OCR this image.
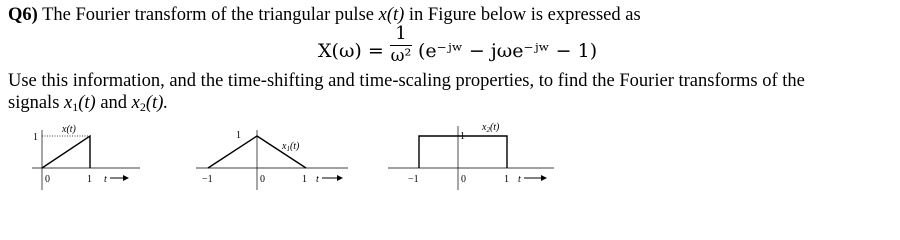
Q6) The Fourier transform of the triangular pulse x(t) in Figure below is expressed as
X(ω) =
1
ω² (e⁻ʲʷ − jωe⁻ʲʷ − 1)
Use this information, and the time-shifting and time-scaling properties, to find the Fourier transforms of the
signals $x_1(t)$ and $x_2(t)$.
x(t)
1
0	1 t
1
$x_1(t)$
−1	0	1 t
$x_2(t)$
1
−1	0	1 t
